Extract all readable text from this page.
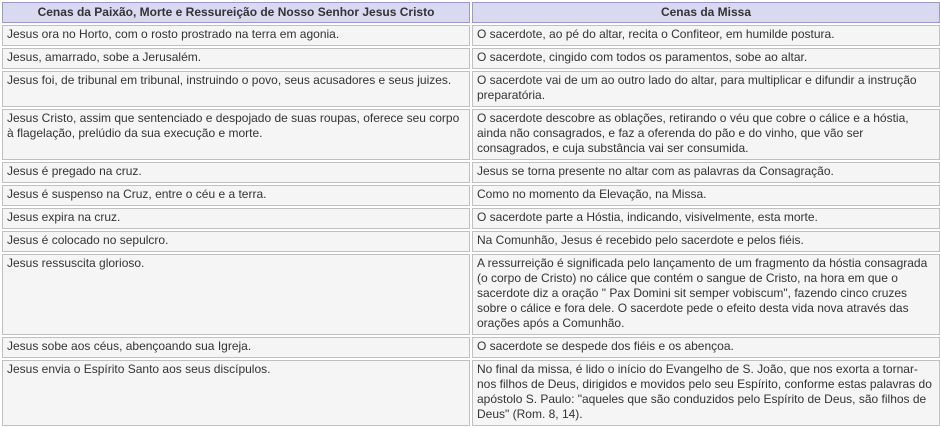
Cenas da Paixão, Morte e Ressureição de Nosso Senhor Jesus Cristo	Cenas da Missa
Jesus ora no Horto, com o rosto prostrado na terra em agonia.	O sacerdote, ao pé do altar, recita o Confiteor, em humilde postura.
Jesus, amarrado, sobe a Jerusalém.	O sacerdote, cingido com todos os paramentos, sobe ao altar.
Jesus foi, de tribunal em tribunal, instruindo o povo, seus acusadores e seus juizes.	O sacerdote vai de um ao outro lado do altar, para multiplicar e difundir a instrução preparatória.
Jesus Cristo, assim que sentenciado e despojado de suas roupas, oferece seu corpo à flagelação, prelúdio da sua execução e morte.	O sacerdote descobre as oblações, retirando o véu que cobre o cálice e a hóstia, ainda não consagrados, e faz a oferenda do pão e do vinho, que vão ser consagrados, e cuja substância vai ser consumida.
Jesus é pregado na cruz.	Jesus se torna presente no altar com as palavras da Consagração.
Jesus é suspenso na Cruz, entre o céu e a terra.	Como no momento da Elevação, na Missa.
Jesus expira na cruz.	O sacerdote parte a Hóstia, indicando, visivelmente, esta morte.
Jesus é colocado no sepulcro.	Na Comunhão, Jesus é recebido pelo sacerdote e pelos fiéis.
Jesus ressuscita glorioso.	A ressurreição é significada pelo lançamento de um fragmento da hóstia consagrada (o corpo de Cristo) no cálice que contém o sangue de Cristo, na hora em que o sacerdote diz a oração " Pax Domini sit semper vobiscum", fazendo cinco cruzes sobre o cálice e fora dele. O sacerdote pede o efeito desta vida nova através das orações após a Comunhão.
Jesus sobe aos céus, abençoando sua Igreja.	O sacerdote se despede dos fiéis e os abençoa.
Jesus envia o Espírito Santo aos seus discípulos.	No final da missa, é lido o início do Evangelho de S. João, que nos exorta a tornar-nos filhos de Deus, dirigidos e movidos pelo seu Espírito, conforme estas palavras do apóstolo S. Paulo: "aqueles que são conduzidos pelo Espírito de Deus, são filhos de Deus" (Rom. 8, 14).
